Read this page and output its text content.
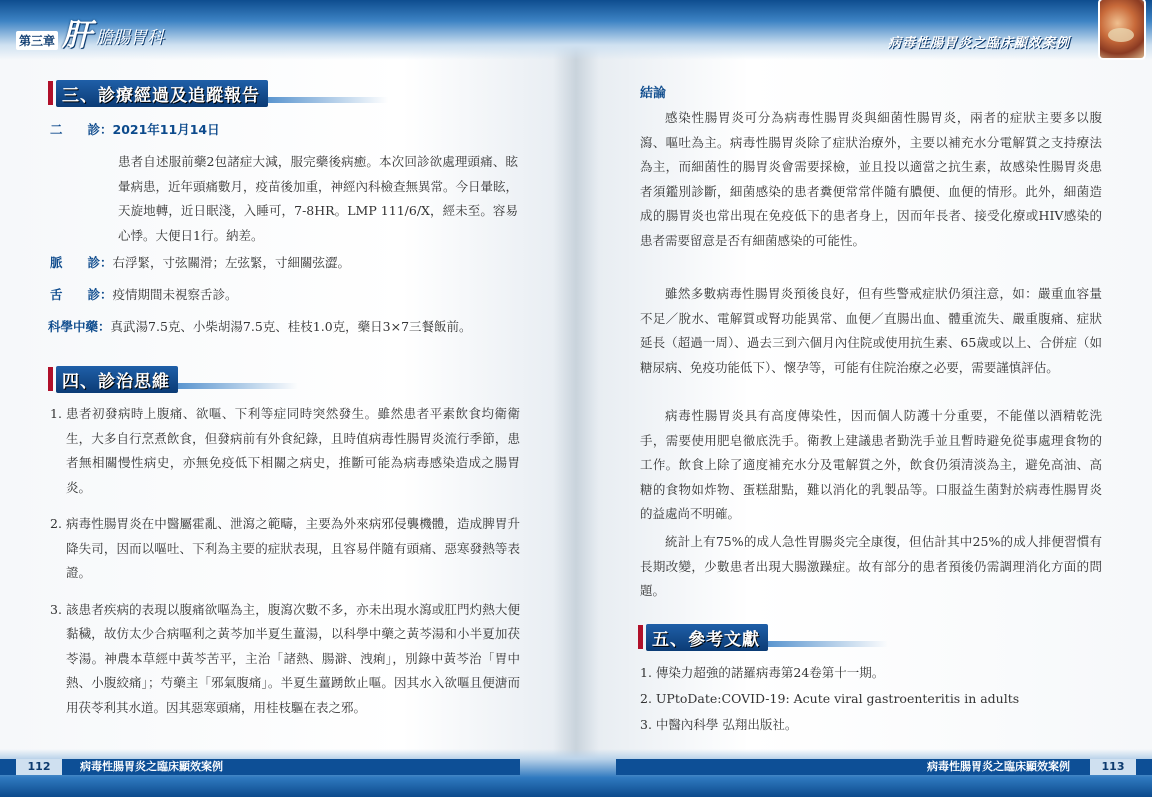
第三章 肝 膽腸胃科
三、診療經過及追蹤報告
二　　診：2021年11月14日
患者自述服前藥2包諸症大減，服完藥後病癒。本次回診欲處理頭痛、眩暈病患，近年頭痛數月，疫苗後加重，神經內科檢查無異常。今日暈眩，天旋地轉，近日眠淺，入睡可，7-8HR。LMP 111/6/X，經未至。容易心悸。大便日1行。納差。
脈　　診：右浮緊，寸弦關滑；左弦緊，寸細關弦澀。
舌　　診：疫情期間未視察舌診。
科學中藥：真武湯7.5克、小柴胡湯7.5克、桂枝1.0克，藥日3×7三餐飯前。
四、診治思維
1. 患者初發病時上腹痛、欲嘔、下利等症同時突然發生。雖然患者平素飲食均衛衛生，大多自行烹煮飲食，但發病前有外食紀錄，且時值病毒性腸胃炎流行季節，患者無相關慢性病史，亦無免疫低下相關之病史，推斷可能為病毒感染造成之腸胃炎。
2. 病毒性腸胃炎在中醫屬霍亂、泄瀉之範疇，主要為外來病邪侵襲機體，造成脾胃升降失司，因而以嘔吐、下利為主要的症狀表現，且容易伴隨有頭痛、惡寒發熱等表證。
3. 該患者疾病的表現以腹痛欲嘔為主，腹瀉次數不多，亦未出現水瀉或肛門灼熱大便黏穢，故仿太少合病嘔利之黃芩加半夏生薑湯，以科學中藥之黃芩湯和小半夏加茯苓湯。神農本草經中黃芩苦平，主治「諸熱、腸澼、洩痢」，別錄中黃芩治「胃中熱、小腹絞痛」；芍藥主「邪氣腹痛」。半夏生薑踴飲止嘔。因其水入欲嘔且便溏而用茯苓利其水道。因其惡寒頭痛，用桂枝驅在表之邪。
112	病毒性腸胃炎之臨床顯效案例
病毒性腸胃炎之臨床顯效案例
結論
感染性腸胃炎可分為病毒性腸胃炎與細菌性腸胃炎，兩者的症狀主要多以腹瀉、嘔吐為主。病毒性腸胃炎除了症狀治療外，主要以補充水分電解質之支持療法為主，而細菌性的腸胃炎會需要採檢，並且投以適當之抗生素，故感染性腸胃炎患者須鑑別診斷，細菌感染的患者糞便常常伴隨有膿便、血便的情形。此外，細菌造成的腸胃炎也常出現在免疫低下的患者身上，因而年長者、接受化療或HIV感染的患者需要留意是否有細菌感染的可能性。
雖然多數病毒性腸胃炎預後良好，但有些警戒症狀仍須注意，如：嚴重血容量不足／脫水、電解質或腎功能異常、血便／直腸出血、體重流失、嚴重腹痛、症狀延長（超過一周）、過去三到六個月內住院或使用抗生素、65歲或以上、合併症（如糖尿病、免疫功能低下）、懷孕等，可能有住院治療之必要，需要謹慎評估。
病毒性腸胃炎具有高度傳染性，因而個人防護十分重要，不能僅以酒精乾洗手，需要使用肥皂徹底洗手。衛教上建議患者勤洗手並且暫時避免從事處理食物的工作。飲食上除了適度補充水分及電解質之外，飲食仍須清淡為主，避免高油、高糖的食物如炸物、蛋糕甜點，難以消化的乳製品等。口服益生菌對於病毒性腸胃炎的益處尚不明確。
統計上有75%的成人急性胃腸炎完全康復，但估計其中25%的成人排便習慣有長期改變，少數患者出現大腸激躁症。故有部分的患者預後仍需調理消化方面的問題。
五、參考文獻
1. 傳染力超強的諾羅病毒第24卷第十一期。
2. UPtoDate:COVID-19: Acute viral gastroenteritis in adults
3. 中醫內科學 弘翔出版社。
病毒性腸胃炎之臨床顯效案例	113
